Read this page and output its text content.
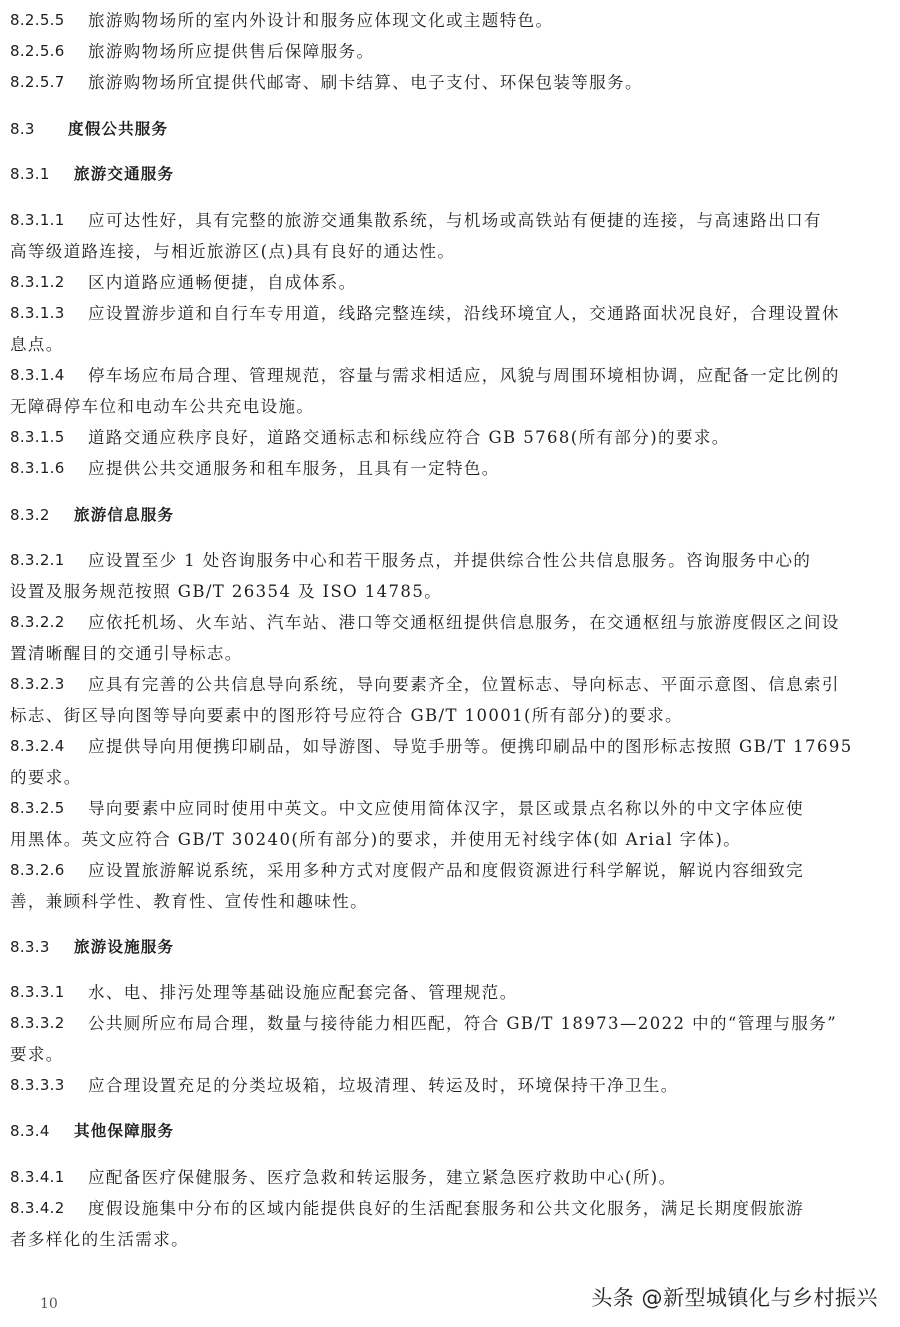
8.2.5.5 旅游购物场所的室内外设计和服务应体现文化或主题特色。
8.2.5.6 旅游购物场所应提供售后保障服务。
8.2.5.7 旅游购物场所宜提供代邮寄、刷卡结算、电子支付、环保包装等服务。
8.3 度假公共服务
8.3.1 旅游交通服务
8.3.1.1 应可达性好，具有完整的旅游交通集散系统，与机场或高铁站有便捷的连接，与高速路出口有
高等级道路连接，与相近旅游区(点)具有良好的通达性。
8.3.1.2 区内道路应通畅便捷，自成体系。
8.3.1.3 应设置游步道和自行车专用道，线路完整连续，沿线环境宜人，交通路面状况良好，合理设置休
息点。
8.3.1.4 停车场应布局合理、管理规范，容量与需求相适应，风貌与周围环境相协调，应配备一定比例的
无障碍停车位和电动车公共充电设施。
8.3.1.5 道路交通应秩序良好，道路交通标志和标线应符合 GB 5768(所有部分)的要求。
8.3.1.6 应提供公共交通服务和租车服务，且具有一定特色。
8.3.2 旅游信息服务
8.3.2.1 应设置至少 1 处咨询服务中心和若干服务点，并提供综合性公共信息服务。咨询服务中心的
设置及服务规范按照 GB/T 26354 及 ISO 14785。
8.3.2.2 应依托机场、火车站、汽车站、港口等交通枢纽提供信息服务，在交通枢纽与旅游度假区之间设
置清晰醒目的交通引导标志。
8.3.2.3 应具有完善的公共信息导向系统，导向要素齐全，位置标志、导向标志、平面示意图、信息索引
标志、街区导向图等导向要素中的图形符号应符合 GB/T 10001(所有部分)的要求。
8.3.2.4 应提供导向用便携印刷品，如导游图、导览手册等。便携印刷品中的图形标志按照 GB/T 17695
的要求。
8.3.2.5 导向要素中应同时使用中英文。中文应使用简体汉字，景区或景点名称以外的中文字体应使
用黑体。英文应符合 GB/T 30240(所有部分)的要求，并使用无衬线字体(如 Arial 字体)。
8.3.2.6 应设置旅游解说系统，采用多种方式对度假产品和度假资源进行科学解说，解说内容细致完
善，兼顾科学性、教育性、宣传性和趣味性。
8.3.3 旅游设施服务
8.3.3.1 水、电、排污处理等基础设施应配套完备、管理规范。
8.3.3.2 公共厕所应布局合理，数量与接待能力相匹配，符合 GB/T 18973—2022 中的“管理与服务”
要求。
8.3.3.3 应合理设置充足的分类垃圾箱，垃圾清理、转运及时，环境保持干净卫生。
8.3.4 其他保障服务
8.3.4.1 应配备医疗保健服务、医疗急救和转运服务，建立紧急医疗救助中心(所)。
8.3.4.2 度假设施集中分布的区域内能提供良好的生活配套服务和公共文化服务，满足长期度假旅游
者多样化的生活需求。
10	头条 @新型城镇化与乡村振兴
